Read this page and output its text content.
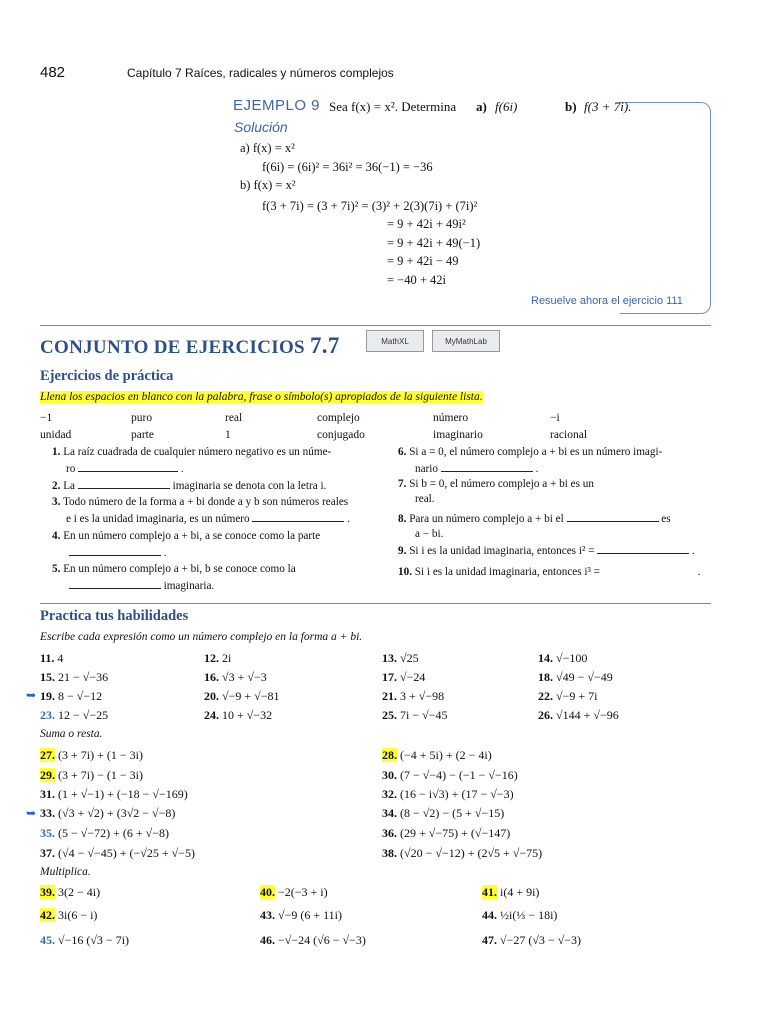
482	Capítulo 7 Raíces, radicales y números complejos
EJEMPLO 9 Sea f(x) = x². Determina a) f(6i)	b) f(3 + 7i).
Solución
a) f(x) = x²
f(6i) = (6i)² = 36i² = 36(−1) = −36
b) f(x) = x²
f(3 + 7i) = (3 + 7i)² = (3)² + 2(3)(7i) + (7i)²
= 9 + 42i + 49i²
= 9 + 42i + 49(−1)
= 9 + 42i − 49
= −40 + 42i
Resuelve ahora el ejercicio 111
CONJUNTO DE EJERCICIOS 7.7	MathXL	MyMathLab
Ejercicios de práctica
Llena los espacios en blanco con la palabra, frase o símbolo(s) apropiados de la siguiente lista.
−1	puro	real	complejo	número	−i
unidad	parte	1	conjugado	imaginario	racional
1. La raíz cuadrada de cualquier número negativo es un núme-
ro	.
2. La	imaginaria se denota con la letra i.
3. Todo número de la forma a + bi donde a y b son números reales
e i es la unidad imaginaria, es un número	.
4. En un número complejo a + bi, a se conoce como la parte
.
5. En un número complejo a + bi, b se conoce como la
imaginaria.
6. Si a = 0, el número complejo a + bi es un número imagi-
nario	.
7. Si b = 0, el número complejo a + bi es un
real.
8. Para un número complejo a + bi el	es
a − bi.
9. Si i es la unidad imaginaria, entonces i² =	.
10. Si i es la unidad imaginaria, entonces i³ =	.
Practica tus habilidades
Escribe cada expresión como un número complejo en la forma a + bi.
11. 4	12. 2i	13. √25	14. √−100
15. 21 − √−36	16. √3 + √−3	17. √−24	18. √49 − √−49
➥ 19. 8 − √−12	20. √−9 + √−81	21. 3 + √−98	22. √−9 + 7i
23. 12 − √−25	24. 10 + √−32	25. 7i − √−45	26. √144 + √−96
Suma o resta.
27. (3 + 7i) + (1 − 3i)	28. (−4 + 5i) + (2 − 4i)
29. (3 + 7i) − (1 − 3i)	30. (7 − √−4) − (−1 − √−16)
31. (1 + √−1) + (−18 − √−169)	32. (16 − i√3) + (17 − √−3)
➥ 33. (√3 + √2) + (3√2 − √−8)	34. (8 − √2) − (5 + √−15)
35. (5 − √−72) + (6 + √−8)	36. (29 + √−75) + (√−147)
37. (√4 − √−45) + (−√25 + √−5)	38. (√20 − √−12) + (2√5 + √−75)
Multiplica.
39. 3(2 − 4i)	40. −2(−3 + i)	41. i(4 + 9i)
42. 3i(6 − i)	43. √−9 (6 + 11i)	44. ½i(⅓ − 18i)
45. √−16 (√3 − 7i)	46. −√−24 (√6 − √−3)	47. √−27 (√3 − √−3)
